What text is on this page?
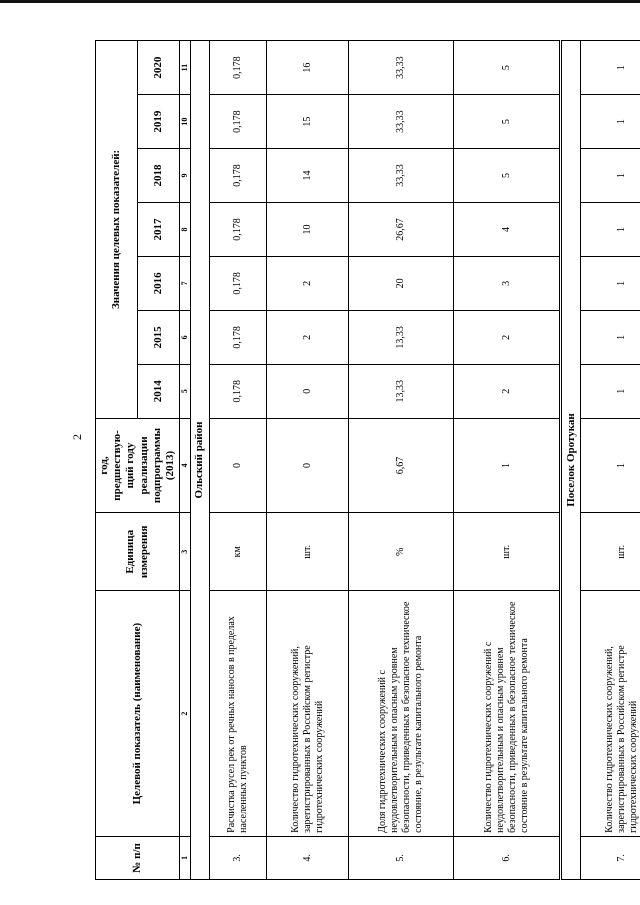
2
№ п/п	Целевой показатель (наименование)	Единица измерения	год, предшествую-щий году реализации подпрограммы (2013)	Значения целевых показателей:						
				2014	2015	2016	2017	2018	2019	2020
1	2	3	4	5	6	7	8	9	10	11
Ольский район										
3.	Расчистка русел рек от речных наносов в пределах населенных пунктов	км	0	0,178	0,178	0,178	0,178	0,178	0,178	0,178
4.	Количество гидротехнических сооружений, зарегистрированных в Российском регистре гидротехнических сооружений	шт.	0	0	2	2	10	14	15	16
5.	Доля гидротехнических сооружений с неудовлетворительным и опасным уровнем безопасности, приведенных в безопасное техническое состояние, в результате капитального ремонта	%	6,67	13,33	13,33	20	26,67	33,33	33,33	33,33
6.	Количество гидротехнических сооружений с неудовлетворительным и опасным уровнем безопасности, приведенных в безопасное техническое состояние в результате капитального ремонта	шт.	1	2	2	3	4	5	5	5
Поселок Оротукан										
7.	Количество гидротехнических сооружений, зарегистрированных в Российском регистре гидротехнических сооружений	шт.	1	1	1	1	1	1	1	1
